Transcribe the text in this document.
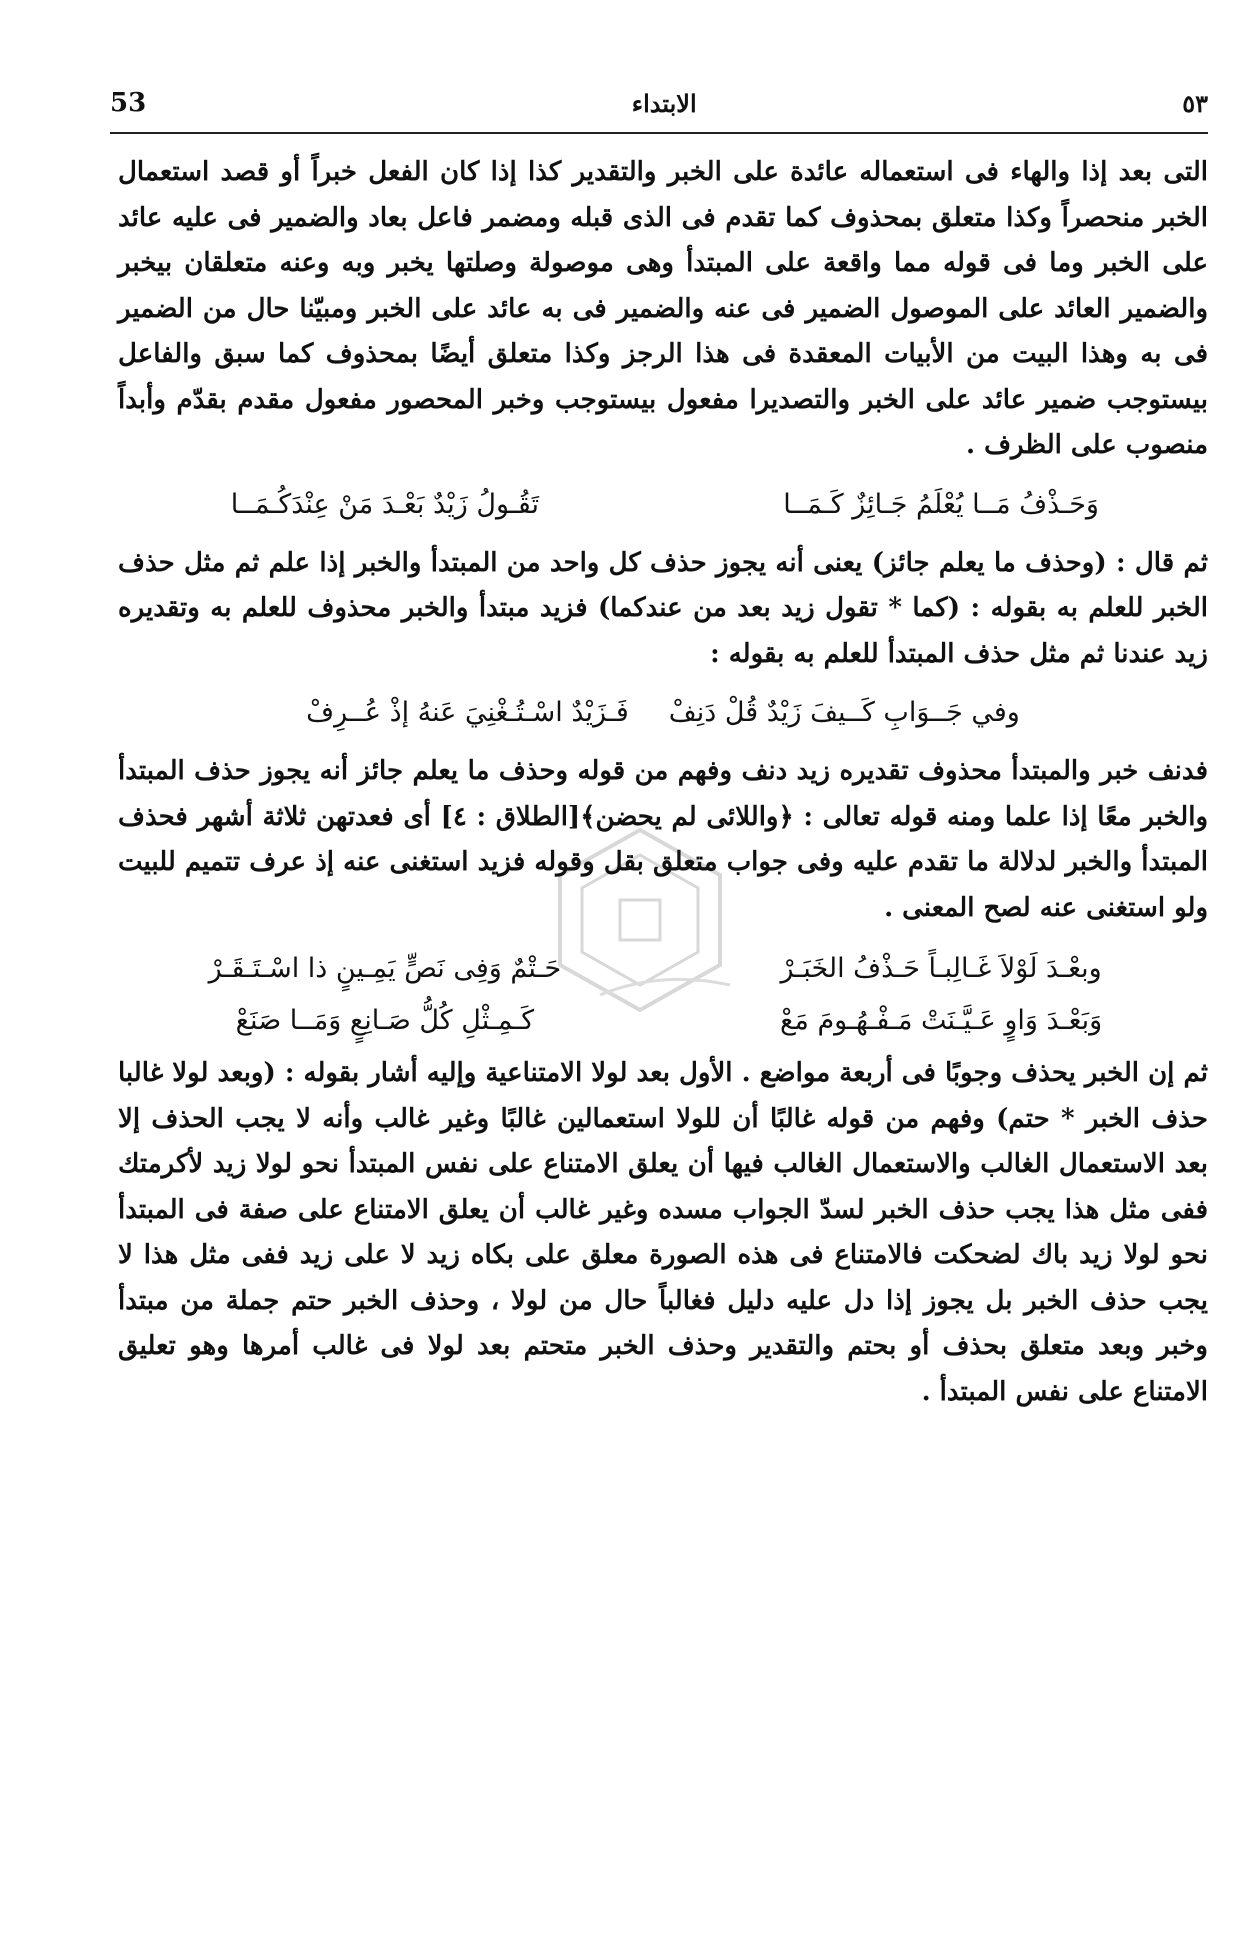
53	الابتداء	٥٣

التى بعد إذا والهاء فى استعماله عائدة على الخبر والتقدير كذا إذا كان الفعل خبراً أو قصد استعمال الخبر منحصراً وكذا متعلق بمحذوف كما تقدم فى الذى قبله ومضمر فاعل بعاد والضمير فى عليه عائد على الخبر وما فى قوله مما واقعة على المبتدأ وهى موصولة وصلتها يخبر وبه وعنه متعلقان بيخبر والضمير العائد على الموصول الضمير فى عنه والضمير فى به عائد على الخبر ومبيّنا حال من الضمير فى به وهذا البيت من الأبيات المعقدة فى هذا الرجز وكذا متعلق أيضًا بمحذوف كما سبق والفاعل بيستوجب ضمير عائد على الخبر والتصديرا مفعول بيستوجب وخبر المحصور مفعول مقدم بقدّم وأبداً منصوب على الظرف .

وَحَـذْفُ مَــا يُعْلَمُ جَـائِزٌ كَـمَــا
تَقُـولُ زَيْدٌ بَعْـدَ مَنْ عِنْدَكُـمَــا

ثم قال : (وحذف ما يعلم جائز) يعنى أنه يجوز حذف كل واحد من المبتدأ والخبر إذا علم ثم مثل حذف الخبر للعلم به بقوله : (كما * تقول زيد بعد من عندكما) فزيد مبتدأ والخبر محذوف للعلم به وتقديره زيد عندنا ثم مثل حذف المبتدأ للعلم به بقوله :

وفي جَــوَابِ كَــيفَ زَيْدٌ قُلْ دَنِفْ
فَـزَيْدٌ اسْـتُـغْنِيَ عَنهُ إذْ عُــرِفْ

فدنف خبر والمبتدأ محذوف تقديره زيد دنف وفهم من قوله وحذف ما يعلم جائز أنه يجوز حذف المبتدأ والخبر معًا إذا علما ومنه قوله تعالى : ﴿واللائى لم يحضن﴾[الطلاق : ٤] أى فعدتهن ثلاثة أشهر فحذف المبتدأ والخبر لدلالة ما تقدم عليه وفى جواب متعلق بقل وقوله فزيد استغنى عنه إذ عرف تتميم للبيت ولو استغنى عنه لصح المعنى .

وبعْـدَ لَوْلاَ غَـالِبـاً حَـذْفُ الخَبَـرْ
حَـتْمٌ وَفِى نَصٍّ يَمِـينٍ ذا اسْـتَـقَـرْ
وَبَعْـدَ وَاوٍ عَـيَّـنَتْ مَـفْـهُـومَ مَعْ
كَـمِـثْلِ كُلُّ صَـانِعٍ وَمَــا صَنَعْ

ثم إن الخبر يحذف وجوبًا فى أربعة مواضع . الأول بعد لولا الامتناعية وإليه أشار بقوله : (وبعد لولا غالبا حذف الخبر * حتم) وفهم من قوله غالبًا أن للولا استعمالين غالبًا وغير غالب وأنه لا يجب الحذف إلا بعد الاستعمال الغالب والاستعمال الغالب فيها أن يعلق الامتناع على نفس المبتدأ نحو لولا زيد لأكرمتك ففى مثل هذا يجب حذف الخبر لسدّ الجواب مسده وغير غالب أن يعلق الامتناع على صفة فى المبتدأ نحو لولا زيد باك لضحكت فالامتناع فى هذه الصورة معلق على بكاه زيد لا على زيد ففى مثل هذا لا يجب حذف الخبر بل يجوز إذا دل عليه دليل فغالباً حال من لولا ، وحذف الخبر حتم جملة من مبتدأ وخبر وبعد متعلق بحذف أو بحتم والتقدير وحذف الخبر متحتم بعد لولا فى غالب أمرها وهو تعليق الامتناع على نفس المبتدأ .
